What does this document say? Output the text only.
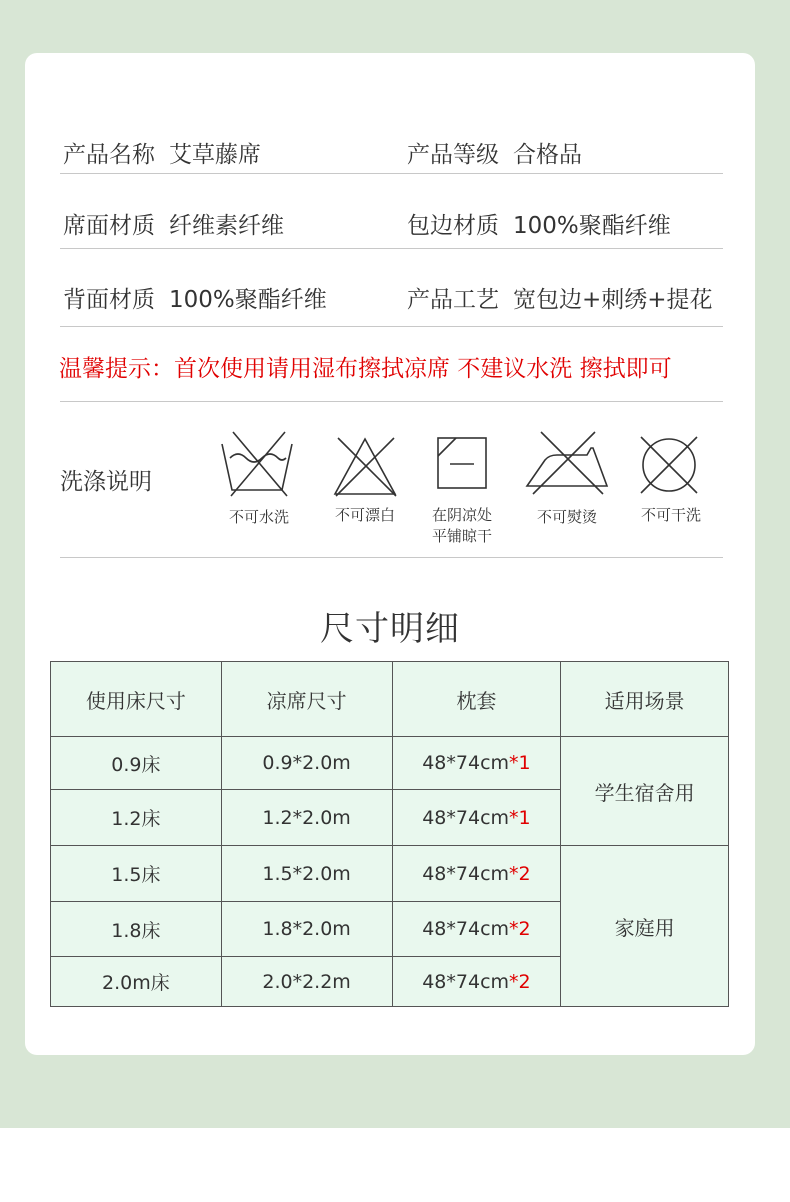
产品名称 艾草藤席	产品等级 合格品
席面材质 纤维素纤维	包边材质 100%聚酯纤维
背面材质 100%聚酯纤维	产品工艺 宽包边+刺绣+提花
温馨提示：首次使用请用湿布擦拭凉席 不建议水洗 擦拭即可
洗涤说明
不可水洗	不可漂白	在阴凉处
平铺晾干
不可熨烫	不可干洗
尺寸明细
使用床尺寸	凉席尺寸	枕套	适用场景
0.9床	0.9*2.0m	48*74cm*1	学生宿舍用
1.2床	1.2*2.0m	48*74cm*1	
1.5床	1.5*2.0m	48*74cm*2	家庭用
1.8床	1.8*2.0m	48*74cm*2	
2.0m床	2.0*2.2m	48*74cm*2	
